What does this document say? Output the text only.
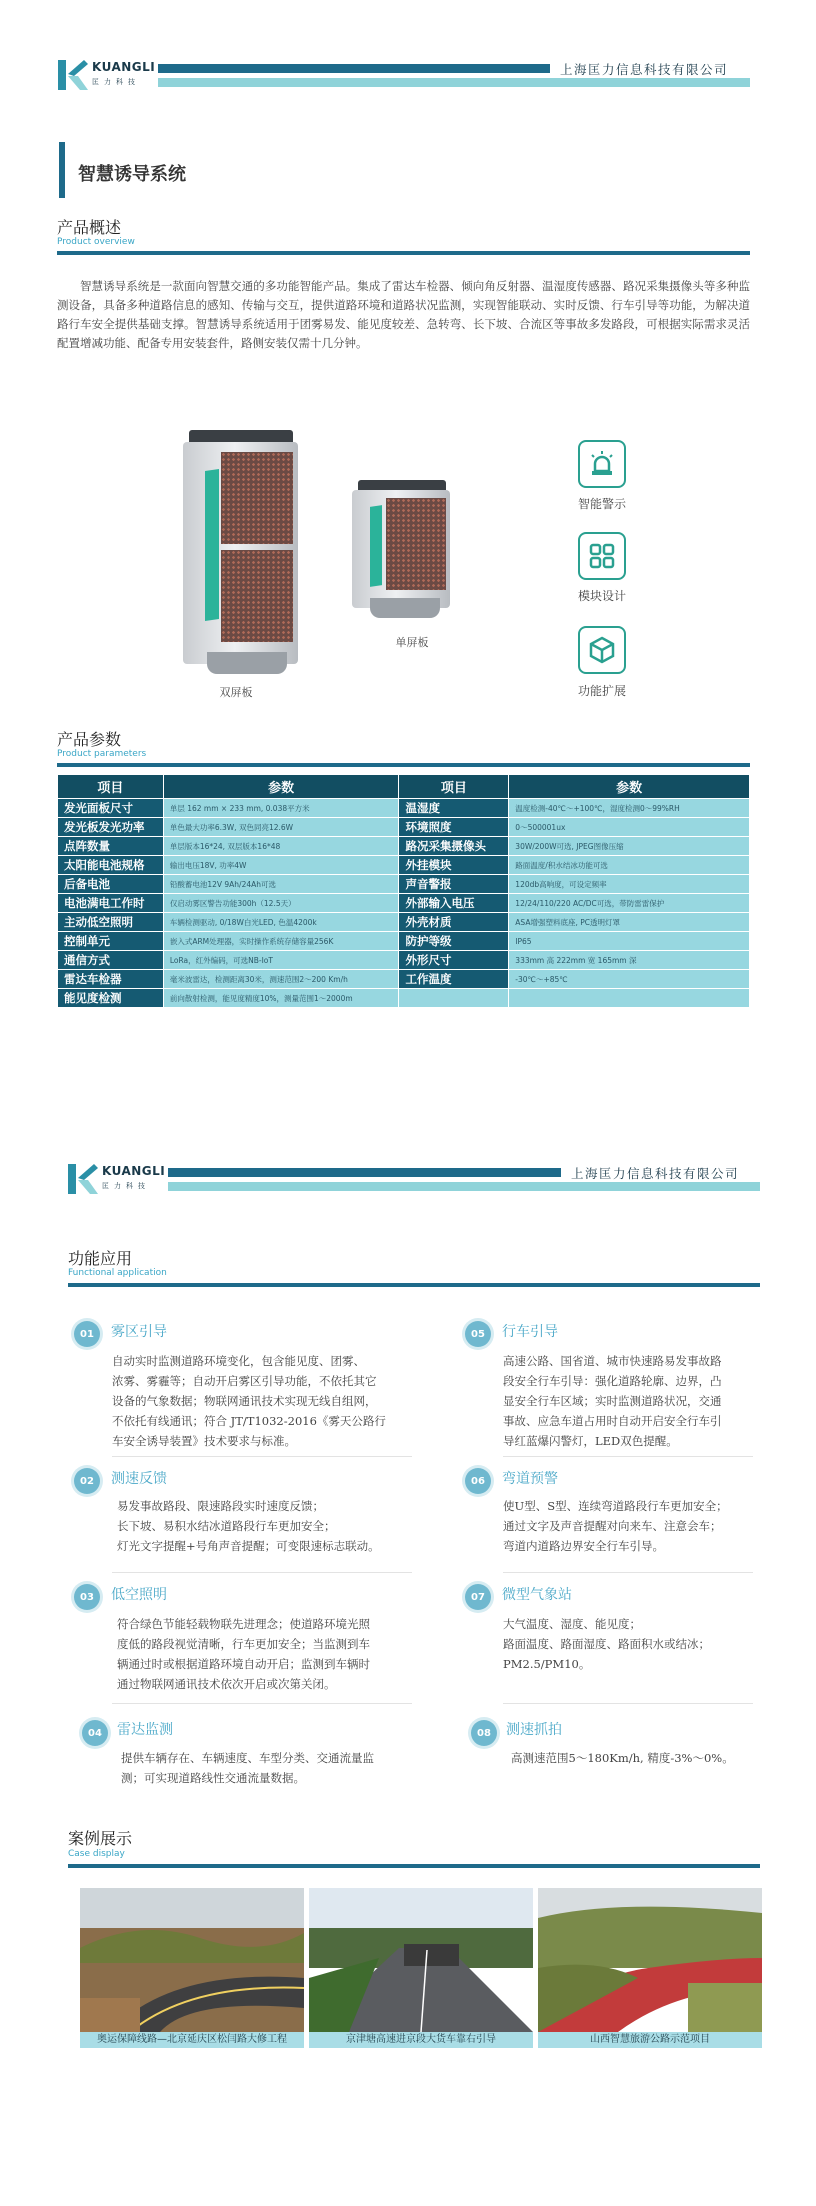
KUANGLI
匡力科技
上海匡力信息科技有限公司
智慧诱导系统
产品概述
Product overview
智慧诱导系统是一款面向智慧交通的多功能智能产品。集成了雷达车检器、倾向角反射器、温湿度传感器、路况采集摄像头等多种监测设备，具备多种道路信息的感知、传输与交互，提供道路环境和道路状况监测，实现智能联动、实时反馈、行车引导等功能，为解决道路行车安全提供基础支撑。智慧诱导系统适用于团雾易发、能见度较差、急转弯、长下坡、合流区等事故多发路段，可根据实际需求灵活配置增减功能、配备专用安装套件，路侧安装仅需十几分钟。
双屏板
单屏板
智能警示
模块设计
功能扩展
产品参数
Product parameters
项目	参数	项目	参数
发光面板尺寸	单层 162 mm × 233 mm, 0.038平方米	温湿度	温度检测-40℃～+100℃，湿度检测0～99%RH
发光板发光功率	单色最大功率6.3W, 双色同亮12.6W	环境照度	0～500001ux
点阵数量	单层版本16*24, 双层版本16*48	路况采集摄像头	30W/200W可选, JPEG图像压缩
太阳能电池规格	输出电压18V, 功率4W	外挂模块	路面温度/积水结冰功能可选
后备电池	铅酸蓄电池12V 9Ah/24Ah可选	声音警报	120db高响度，可设定频率
电池满电工作时	仅启动雾区警告功能300h（12.5天）	外部输入电压	12/24/110/220 AC/DC可选，带防雷雷保护
主动低空照明	车辆检测驱动, 0/18W白光LED, 色温4200k	外壳材质	ASA增强塑料底座, PC透明灯罩
控制单元	嵌入式ARM处理器，实时操作系统存储容量256K	防护等级	IP65
通信方式	LoRa，红外编码，可选NB-IoT	外形尺寸	333mm 高 222mm 宽 165mm 深
雷达车检器	毫米波雷达，检测距离30米，测速范围2～200 Km/h	工作温度	-30℃～+85℃
能见度检测	前向散射检测，能见度精度10%，测量范围1～2000m		
KUANGLI
匡力科技
上海匡力信息科技有限公司
功能应用
Functional application
01	雾区引导
自动实时监测道路环境变化，包含能见度、团雾、
浓雾、雾霾等；自动开启雾区引导功能，不依托其它
设备的气象数据；物联网通讯技术实现无线自组网，
不依托有线通讯；符合 JT/T1032-2016《雾天公路行
车安全诱导装置》技术要求与标准。
05	行车引导
高速公路、国省道、城市快速路易发事故路
段安全行车引导：强化道路轮廓、边界，凸
显安全行车区域；实时监测道路状况，交通
事故、应急车道占用时自动开启安全行车引
导红蓝爆闪警灯，LED双色提醒。
02	测速反馈
易发事故路段、限速路段实时速度反馈；
长下坡、易积水结冰道路段行车更加安全；
灯光文字提醒+号角声音提醒；可变限速标志联动。
06	弯道预警
使U型、S型、连续弯道路段行车更加安全；
通过文字及声音提醒对向来车、注意会车；
弯道内道路边界安全行车引导。
03	低空照明
符合绿色节能轻载物联先进理念；使道路环境光照
度低的路段视觉清晰，行车更加安全；当监测到车
辆通过时或根据道路环境自动开启；监测到车辆时
通过物联网通讯技术依次开启或次第关闭。
07	微型气象站
大气温度、湿度、能见度；
路面温度、路面湿度、路面积水或结冰；
PM2.5/PM10。
04	雷达监测
提供车辆存在、车辆速度、车型分类、交通流量监
测；可实现道路线性交通流量数据。
08	测速抓拍
高测速范围5～180Km/h, 精度-3%～0%。
案例展示
Case display
奥运保障线路—北京延庆区松闫路大修工程	京津塘高速进京段大货车靠右引导	山西智慧旅游公路示范项目
